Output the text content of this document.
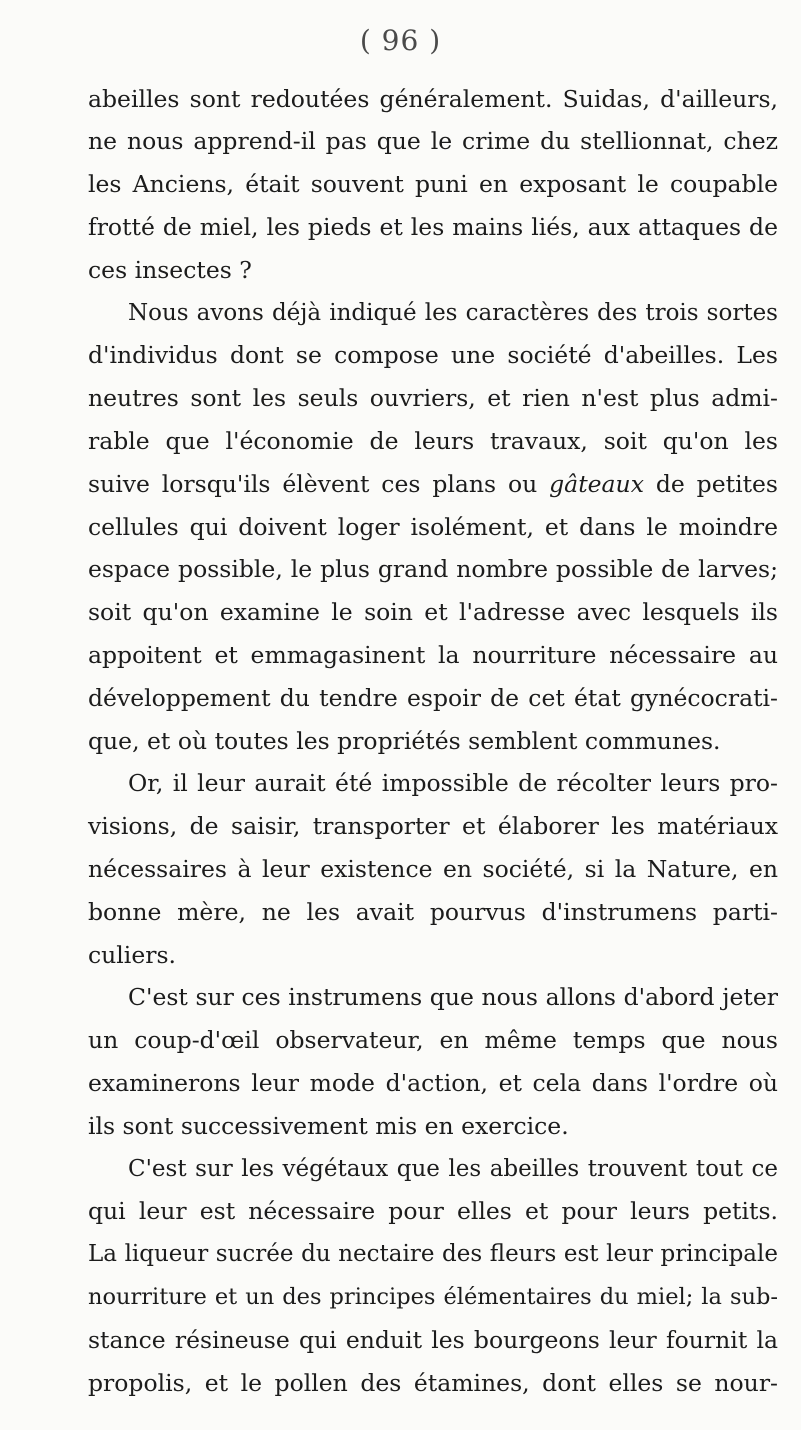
( 96 )
abeilles sont redoutées généralement. Suidas, d'ailleurs,
ne nous apprend-il pas que le crime du stellionnat, chez
les Anciens, était souvent puni en exposant le coupable
frotté de miel, les pieds et les mains liés, aux attaques de
ces insectes ?
Nous avons déjà indiqué les caractères des trois sortes
d'individus dont se compose une société d'abeilles. Les
neutres sont les seuls ouvriers, et rien n'est plus admi-
rable que l'économie de leurs travaux, soit qu'on les
suive lorsqu'ils élèvent ces plans ou gâteaux de petites
cellules qui doivent loger isolément, et dans le moindre
espace possible, le plus grand nombre possible de larves;
soit qu'on examine le soin et l'adresse avec lesquels ils
appoitent et emmagasinent la nourriture nécessaire au
développement du tendre espoir de cet état gynécocrati-
que, et où toutes les propriétés semblent communes.
Or, il leur aurait été impossible de récolter leurs pro-
visions, de saisir, transporter et élaborer les matériaux
nécessaires à leur existence en société, si la Nature, en
bonne mère, ne les avait pourvus d'instrumens parti-
culiers.
C'est sur ces instrumens que nous allons d'abord jeter
un coup-d'œil observateur, en même temps que nous
examinerons leur mode d'action, et cela dans l'ordre où
ils sont successivement mis en exercice.
C'est sur les végétaux que les abeilles trouvent tout ce
qui leur est nécessaire pour elles et pour leurs petits.
La liqueur sucrée du nectaire des fleurs est leur principale
nourriture et un des principes élémentaires du miel; la sub-
stance résineuse qui enduit les bourgeons leur fournit la
propolis, et le pollen des étamines, dont elles se nour-
